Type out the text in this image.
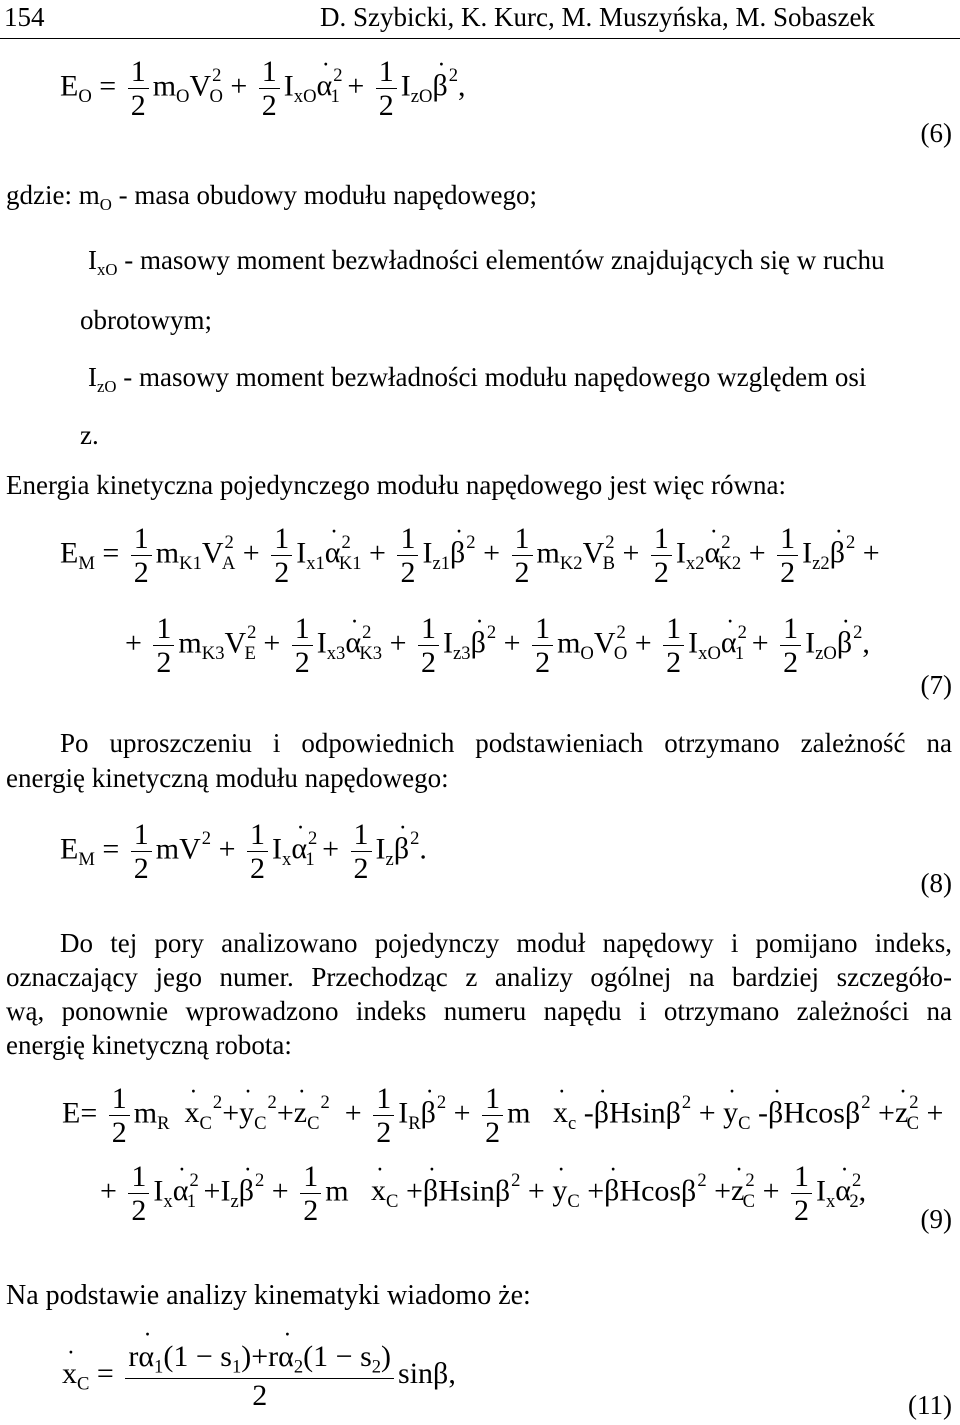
154	D. Szybicki, K. Kurc, M. Muszyńska, M. Sobaszek
$E_O = \frac{1}{2} m_OV^2_O + \frac{1}{2} I_{xO}\alpha$ ˙$^2_1$ + $\frac{1}{2} I_{zO}\beta$ ˙$^2$,
(6)
gdzie: $m_O$ - masa obudowy modułu napędowego;
$I_{xO}$ - masowy moment bezwładności elementów znajdujących się w ruchu
obrotowym;
$I_{zO}$ - masowy moment bezwładności modułu napędowego względem osi
z.
Energia kinetyczna pojedynczego modułu napędowego jest więc równa:
$E_M = \frac{1}{2} m_{K1}V^2_A + \frac{1}{2} I_{x1}\alpha$ ˙$^2_{K1}$ + $\frac{1}{2} I_{z1}\beta$ ˙$^2$ + $\frac{1}{2} m_{K2}V^2_B + \frac{1}{2} I_{x2}\alpha$ ˙$^2_{K2}$ + $\frac{1}{2} I_{z2}\beta$ ˙$^2$ +
+ $\frac{1}{2} m_{K3}V^2_E + \frac{1}{2} I_{x3}\alpha$ ˙$^2_{K3}$ + $\frac{1}{2} I_{z3}\beta$ ˙$^2$ + $\frac{1}{2} m_OV^2_O + \frac{1}{2} I_{xO}\alpha$ ˙$^2_1$ + $\frac{1}{2} I_{zO}\beta$ ˙$^2$,
(7)
Po uproszczeniu i odpowiednich podstawieniach otrzymano zależność na
energię kinetyczną modułu napędowego:
$E_M = \frac{1}{2} mV^2 + \frac{1}{2} I_x\alpha$ ˙$^2_1$ + $\frac{1}{2} I_z\beta$ ˙$^2$.
(8)
Do tej pory analizowano pojedynczy moduł napędowy i pomijano indeks,
oznaczający jego numer. Przechodząc z analizy ogólnej na bardziej szczegóło-
wą, ponownie wprowadzono indeks numeru napędu i otrzymano zależności na
energię kinetyczną robota:
$E= \frac{1}{2} m_R$ x $˙_C^2+y$ $˙_C^2+z$ $˙_C^2 + \frac{1}{2} I_R\beta$ ˙$^2$ + $\frac{1}{2}$ m   x $˙_c$ -β ˙Hsinβ$^2$ + y $˙_C$ -β ˙Hcosβ$^2$ +z ˙$^2_C$ +
+ $\frac{1}{2} I_x\alpha$ ˙$^2_1$ $+I_z\beta$ ˙$^2$ + $\frac{1}{2}$ m   x $˙_C +\beta$ ˙Hsinβ$^2$ + y $˙_C +\beta$ ˙Hcosβ$^2$ +z ˙$^2_C$ + $\frac{1}{2} I_x\alpha$ ˙$^2_2$,
(9)
Na podstawie analizy kinematyki wiadomo że:
x $˙_C = \frac{r\alpha ˙_1(1 - s_1)+r\alpha ˙_2(1 - s_2)}{2} \sin\beta$,
(11)
